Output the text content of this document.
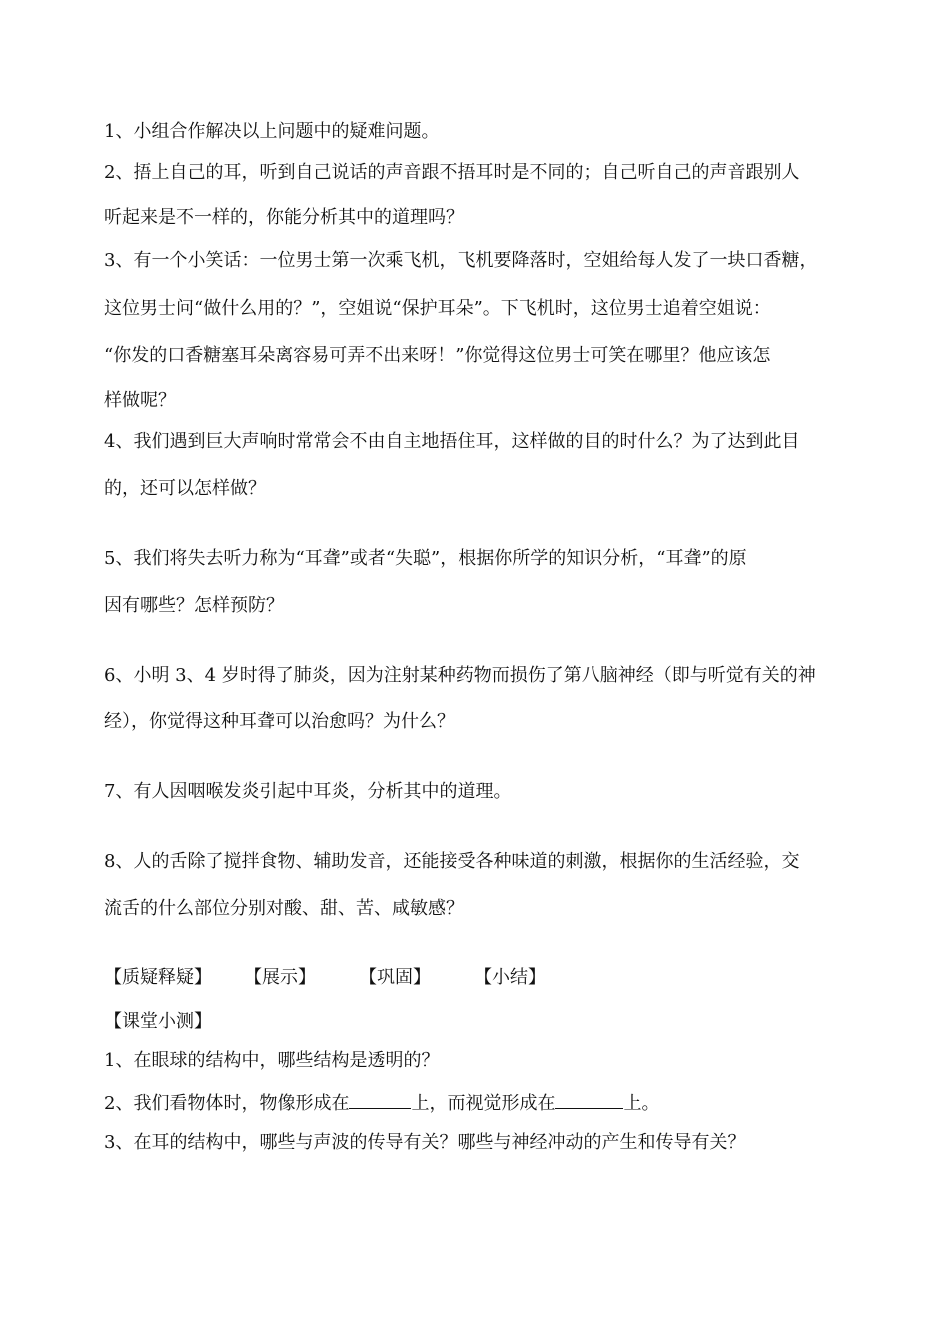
1、小组合作解决以上问题中的疑难问题。

2、捂上自己的耳，听到自己说话的声音跟不捂耳时是不同的；自己听自己的声音跟别人

听起来是不一样的，你能分析其中的道理吗？

3、有一个小笑话：一位男士第一次乘飞机，飞机要降落时，空姐给每人发了一块口香糖，

这位男士问“做什么用的？”，空姐说“保护耳朵”。下飞机时，这位男士追着空姐说：

“你发的口香糖塞耳朵离容易可弄不出来呀！”你觉得这位男士可笑在哪里？他应该怎

样做呢？

4、我们遇到巨大声响时常常会不由自主地捂住耳，这样做的目的时什么？为了达到此目

的，还可以怎样做？

5、我们将失去听力称为“耳聋”或者“失聪”，根据你所学的知识分析，“耳聋”的原

因有哪些？怎样预防？

6、小明 3、4 岁时得了肺炎，因为注射某种药物而损伤了第八脑神经（即与听觉有关的神

经），你觉得这种耳聋可以治愈吗？为什么？

7、有人因咽喉发炎引起中耳炎，分析其中的道理。

8、人的舌除了搅拌食物、辅助发音，还能接受各种味道的刺激，根据你的生活经验，交

流舌的什么部位分别对酸、甜、苦、咸敏感？

【质疑释疑】 【展示】 【巩固】 【小结】

【课堂小测】

1、在眼球的结构中，哪些结构是透明的？

2、我们看物体时，物像形成在	上，而视觉形成在	上。

3、在耳的结构中，哪些与声波的传导有关？哪些与神经冲动的产生和传导有关？
